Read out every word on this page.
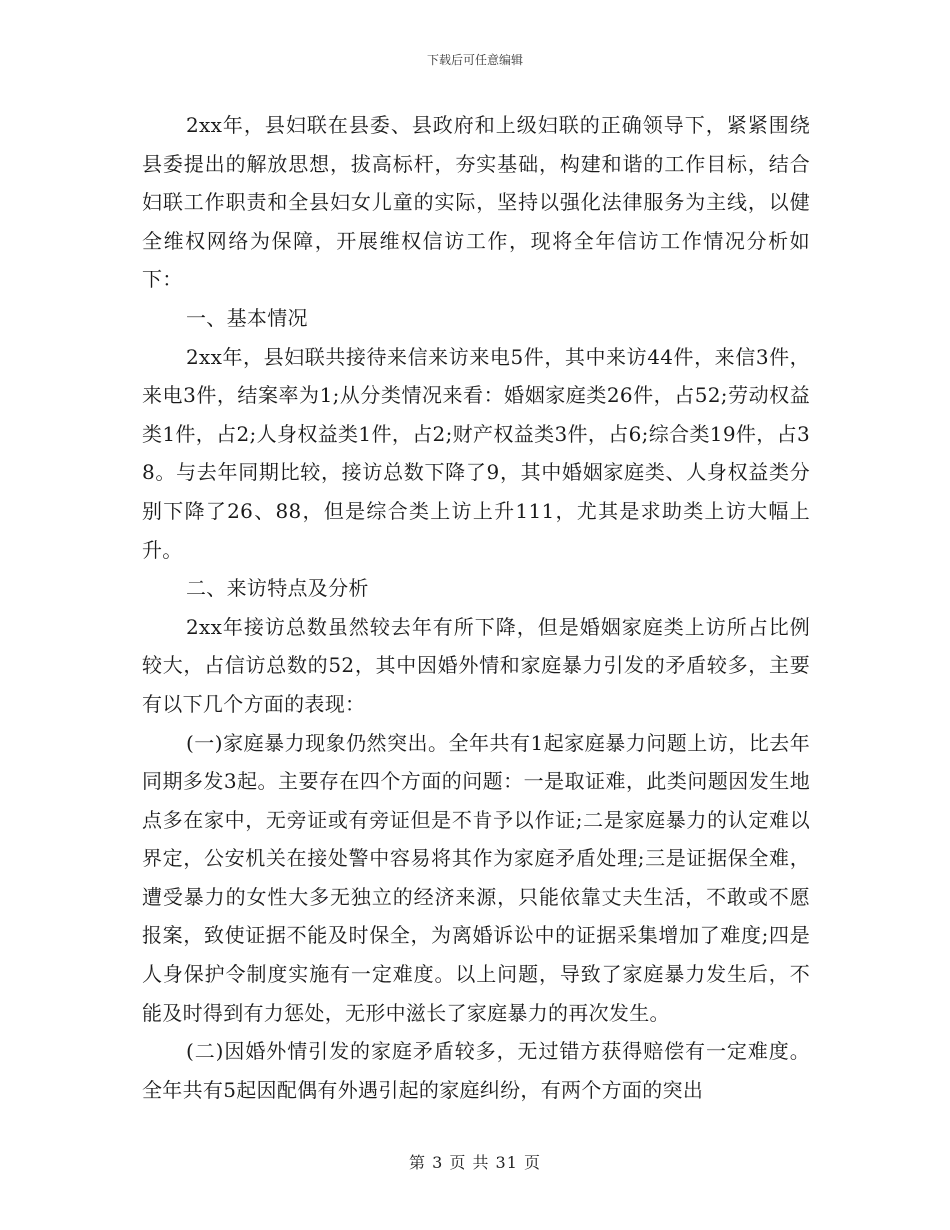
下载后可任意编辑

2xx年，县妇联在县委、县政府和上级妇联的正确领导下，紧紧围绕县委提出的解放思想，拔高标杆，夯实基础，构建和谐的工作目标，结合妇联工作职责和全县妇女儿童的实际，坚持以强化法律服务为主线，以健全维权网络为保障，开展维权信访工作，现将全年信访工作情况分析如下：

一、基本情况

2xx年，县妇联共接待来信来访来电5件，其中来访44件，来信3件，来电3件，结案率为1;从分类情况来看：婚姻家庭类26件，占52;劳动权益类1件，占2;人身权益类1件，占2;财产权益类3件，占6;综合类19件，占38。与去年同期比较，接访总数下降了9，其中婚姻家庭类、人身权益类分别下降了26、88，但是综合类上访上升111，尤其是求助类上访大幅上升。

二、来访特点及分析

2xx年接访总数虽然较去年有所下降，但是婚姻家庭类上访所占比例较大，占信访总数的52，其中因婚外情和家庭暴力引发的矛盾较多，主要有以下几个方面的表现：

(一)家庭暴力现象仍然突出。全年共有1起家庭暴力问题上访，比去年同期多发3起。主要存在四个方面的问题：一是取证难，此类问题因发生地点多在家中，无旁证或有旁证但是不肯予以作证;二是家庭暴力的认定难以界定，公安机关在接处警中容易将其作为家庭矛盾处理;三是证据保全难，遭受暴力的女性大多无独立的经济来源，只能依靠丈夫生活，不敢或不愿报案，致使证据不能及时保全，为离婚诉讼中的证据采集增加了难度;四是人身保护令制度实施有一定难度。以上问题，导致了家庭暴力发生后，不能及时得到有力惩处，无形中滋长了家庭暴力的再次发生。

(二)因婚外情引发的家庭矛盾较多，无过错方获得赔偿有一定难度。全年共有5起因配偶有外遇引起的家庭纠纷，有两个方面的突出

第 3 页 共 31 页
